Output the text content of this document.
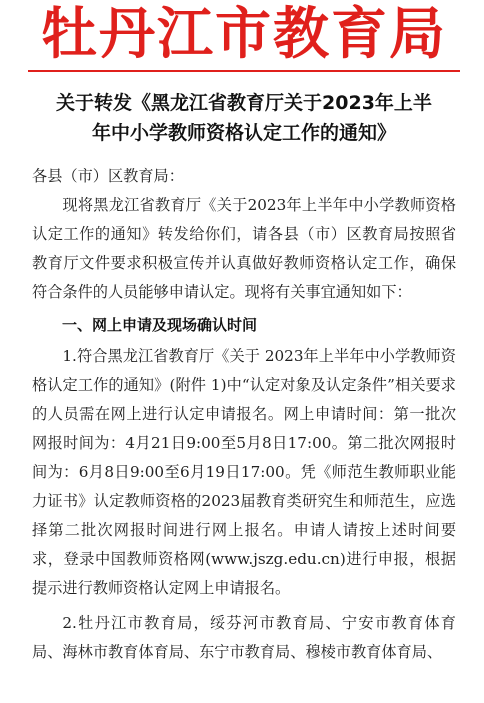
牡丹江市教育局
关于转发《黑龙江省教育厅关于2023年上半
年中小学教师资格认定工作的通知》

各县（市）区教育局：

现将黑龙江省教育厅《关于2023年上半年中小学教师资格认定工作的通知》转发给你们，请各县（市）区教育局按照省教育厅文件要求积极宣传并认真做好教师资格认定工作，确保符合条件的人员能够申请认定。现将有关事宜通知如下：

一、网上申请及现场确认时间

1.符合黑龙江省教育厅《关于 2023年上半年中小学教师资格认定工作的通知》(附件 1)中“认定对象及认定条件”相关要求的人员需在网上进行认定申请报名。网上申请时间：第一批次网报时间为：4月21日9:00至5月8日17:00。第二批次网报时间为：6月8日9:00至6月19日17:00。凭《师范生教师职业能力证书》认定教师资格的2023届教育类研究生和师范生，应选择第二批次网报时间进行网上报名。申请人请按上述时间要求，登录中国教师资格网(www.jszg.edu.cn)进行申报，根据提示进行教师资格认定网上申请报名。

2.牡丹江市教育局，绥芬河市教育局、宁安市教育体育局、海林市教育体育局、东宁市教育局、穆棱市教育体育局、
